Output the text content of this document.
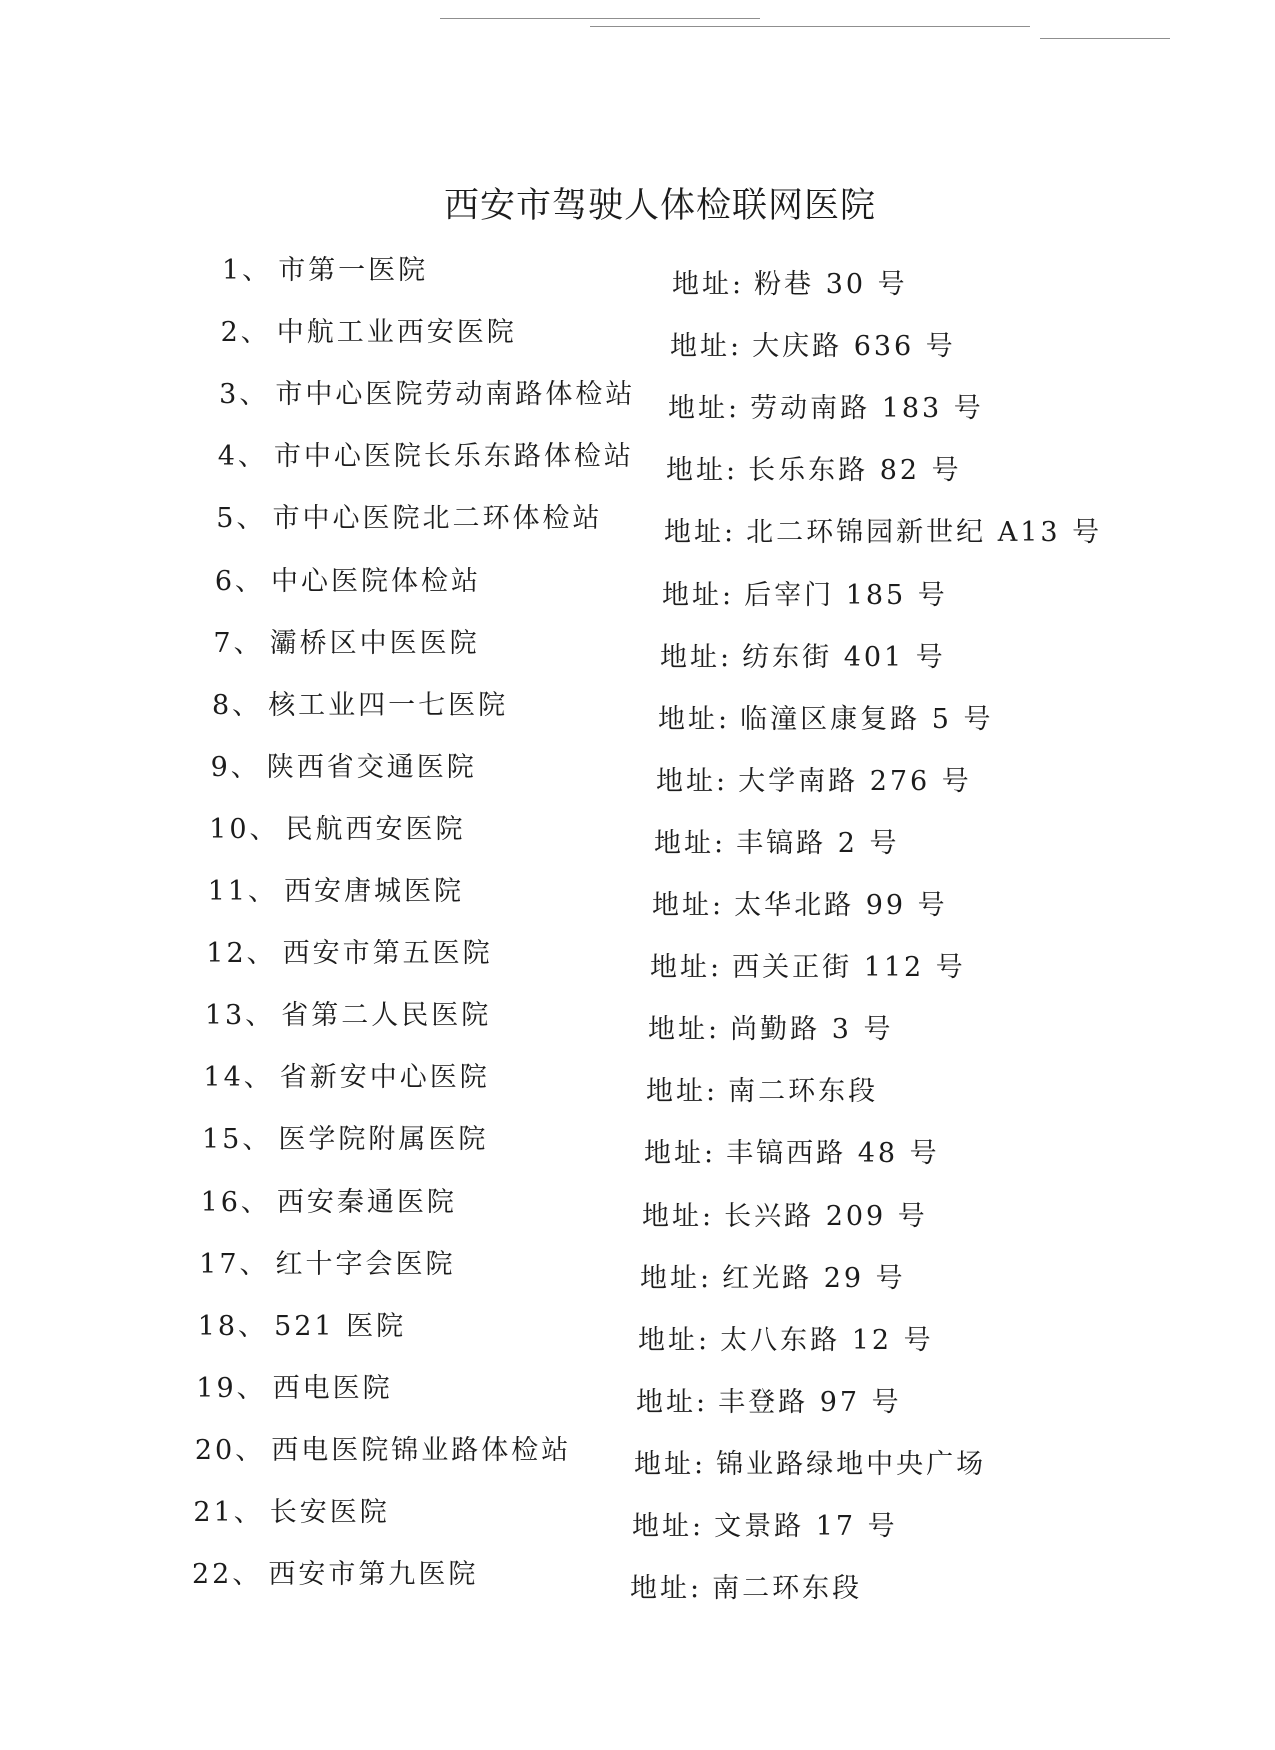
西安市驾驶人体检联网医院
1、 市第一医院	地址: 粉巷 30 号
2、 中航工业西安医院	地址: 大庆路 636 号
3、 市中心医院劳动南路体检站 地址: 劳动南路 183 号
4、 市中心医院长乐东路体检站 地址: 长乐东路 82 号
5、 市中心医院北二环体检站 地址: 北二环锦园新世纪 A13 号
6、 中心医院体检站	地址: 后宰门 185 号
7、 灞桥区中医医院	地址: 纺东街 401 号
8、 核工业四一七医院	地址: 临潼区康复路 5 号
9、 陕西省交通医院	地址: 大学南路 276 号
10、 民航西安医院	地址: 丰镐路 2 号
11、 西安唐城医院	地址: 太华北路 99 号
12、 西安市第五医院	地址: 西关正街 112 号
13、 省第二人民医院	地址: 尚勤路 3 号
14、 省新安中心医院	地址: 南二环东段
15、 医学院附属医院	地址: 丰镐西路 48 号
16、 西安秦通医院	地址: 长兴路 209 号
17、 红十字会医院	地址: 红光路 29 号
18、 521 医院	地址: 太八东路 12 号
19、 西电医院	地址: 丰登路 97 号
20、 西电医院锦业路体检站 地址: 锦业路绿地中央广场
21、 长安医院	地址: 文景路 17 号
22、 西安市第九医院	地址: 南二环东段
